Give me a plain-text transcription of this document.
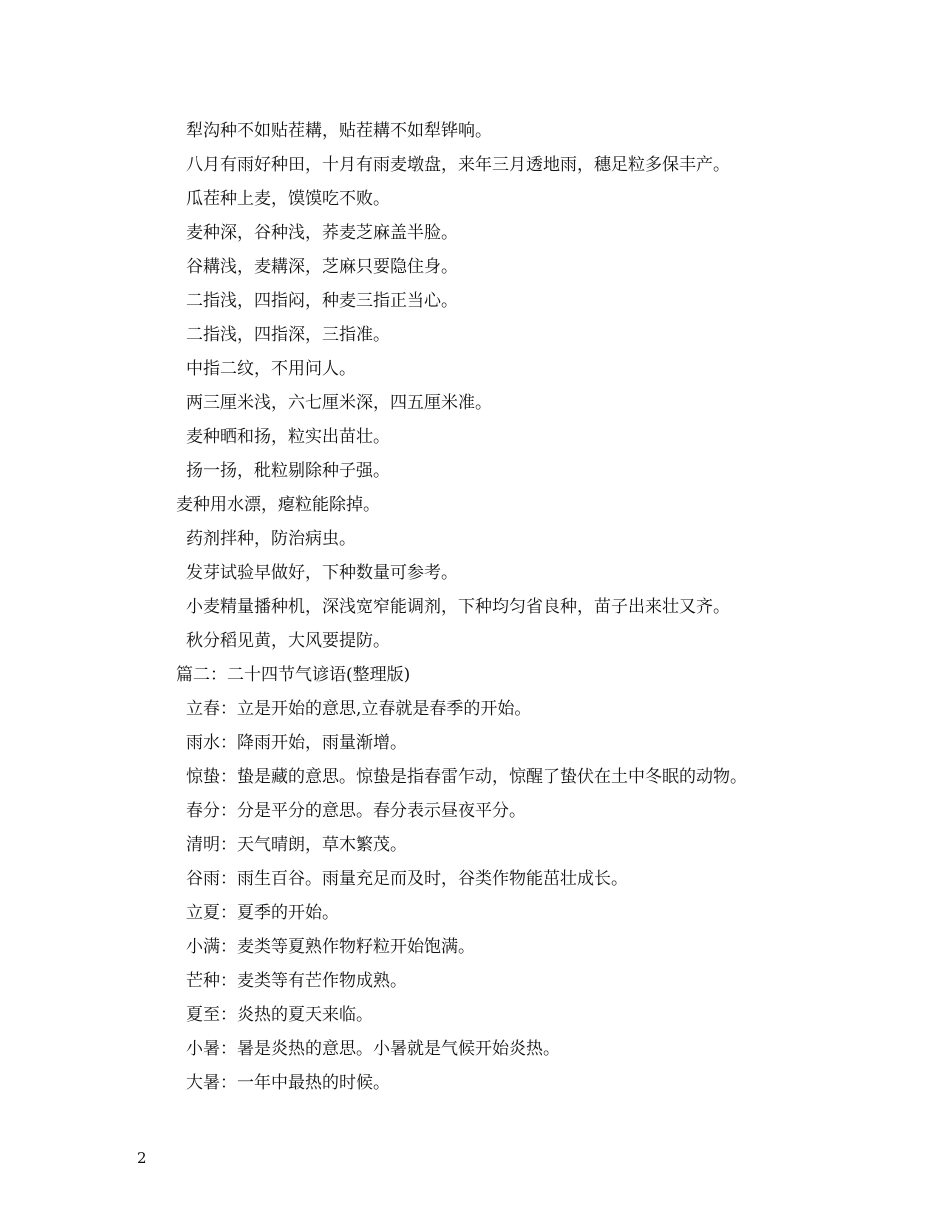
犁沟种不如贴茬耩，贴茬耩不如犁铧响。
八月有雨好种田，十月有雨麦墩盘，来年三月透地雨，穗足粒多保丰产。
瓜茬种上麦，馍馍吃不败。
麦种深，谷种浅，荞麦芝麻盖半脸。
谷耩浅，麦耩深，芝麻只要隐住身。
二指浅，四指闷，种麦三指正当心。
二指浅，四指深，三指准。
中指二纹，不用问人。
两三厘米浅，六七厘米深，四五厘米准。
麦种晒和扬，粒实出苗壮。
扬一扬，秕粒剔除种子强。
麦种用水漂，瘪粒能除掉。
药剂拌种，防治病虫。
发芽试验早做好，下种数量可参考。
小麦精量播种机，深浅宽窄能调剂，下种均匀省良种，苗子出来壮又齐。
秋分稻见黄，大风要提防。
篇二：二十四节气谚语(整理版)
立春：立是开始的意思,立春就是春季的开始。
雨水：降雨开始，雨量渐增。
惊蛰：蛰是藏的意思。惊蛰是指春雷乍动，惊醒了蛰伏在土中冬眠的动物。
春分：分是平分的意思。春分表示昼夜平分。
清明：天气晴朗，草木繁茂。
谷雨：雨生百谷。雨量充足而及时，谷类作物能茁壮成长。
立夏：夏季的开始。
小满：麦类等夏熟作物籽粒开始饱满。
芒种：麦类等有芒作物成熟。
夏至：炎热的夏天来临。
小暑：暑是炎热的意思。小暑就是气候开始炎热。
大暑：一年中最热的时候。
2
